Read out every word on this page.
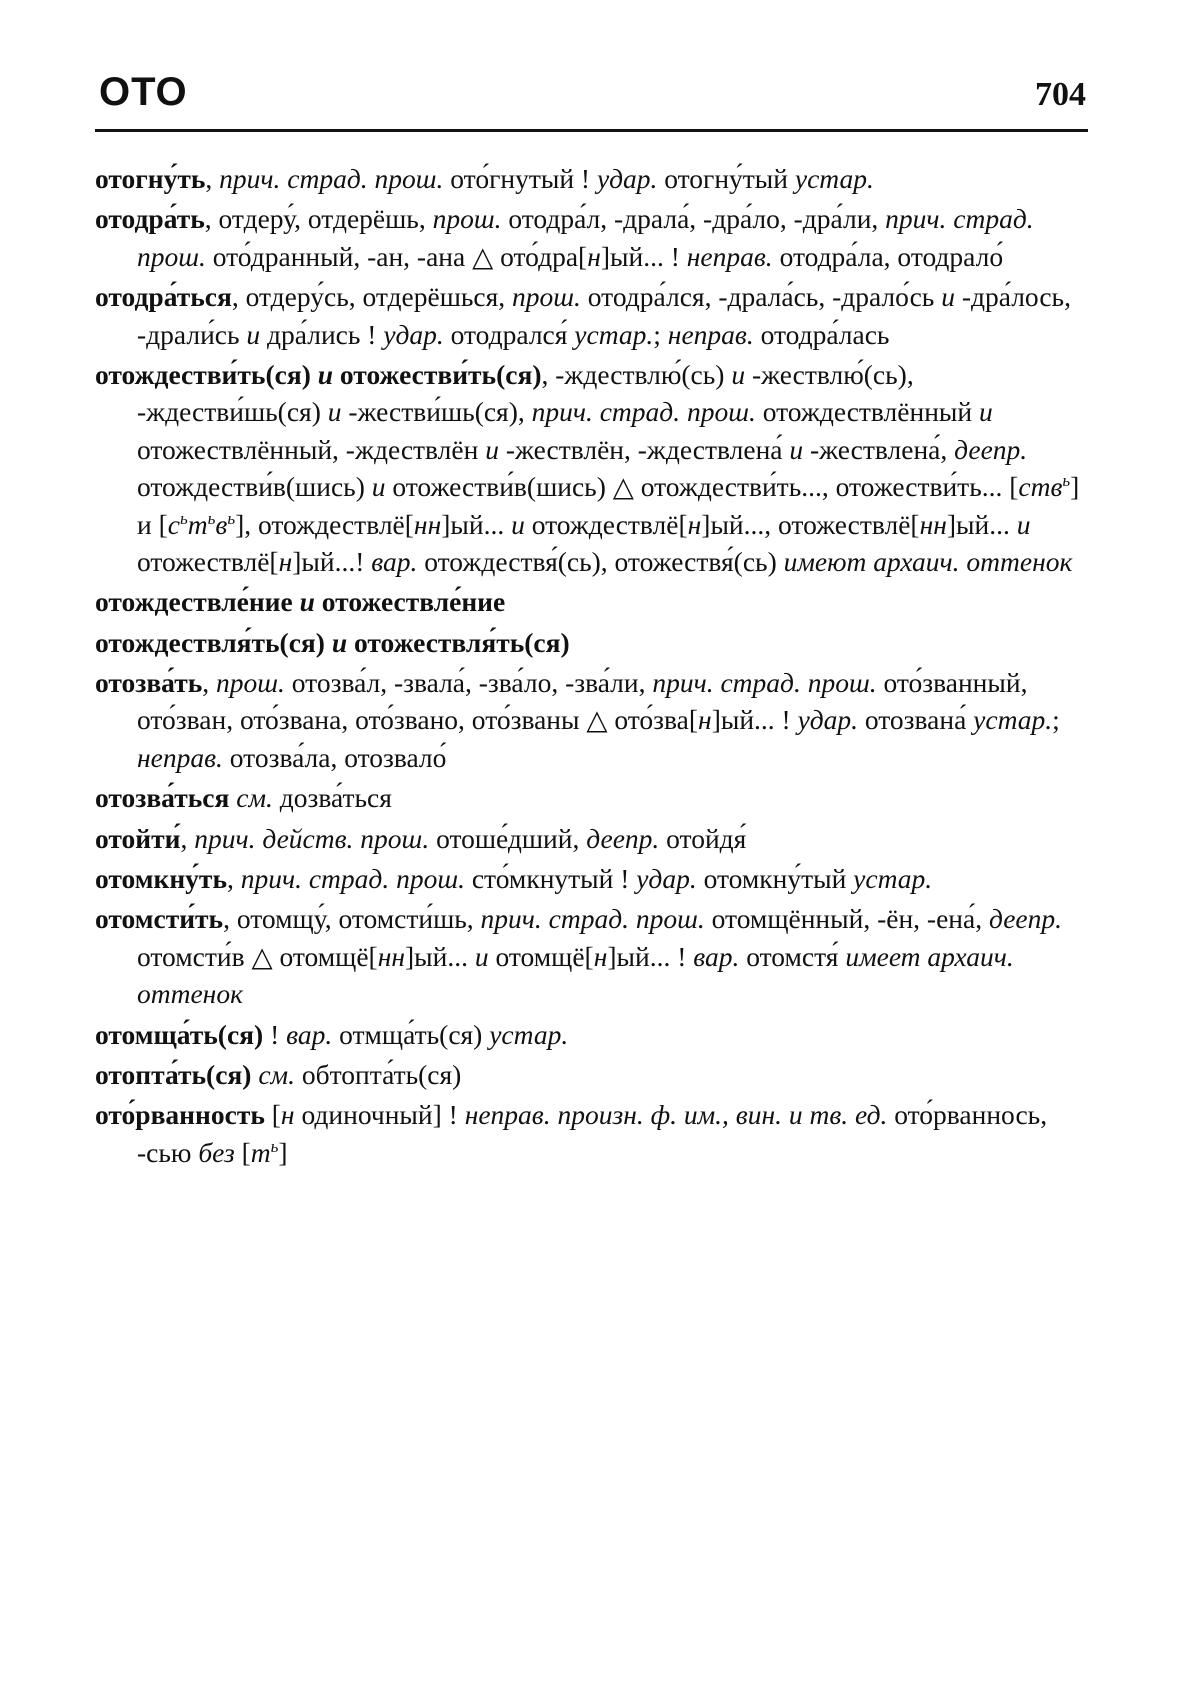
ОТО	704

отогну́ть, прич. страд. прош. ото́гнутый ! удар. отогну́тый устар.

отодра́ть, отдеру́, отдерёшь, прош. отодра́л, -драла́, -дра́ло, -дра́ли, прич. страд. прош. ото́дранный, -ан, -ана △ ото́дра[н]ый... ! неправ. отодра́ла, отодрало́

отодра́ться, отдеру́сь, отдерёшься, прош. отодра́лся, -драла́сь, -драло́сь и -дра́лось, -драли́сь и дра́лись ! удар. отодрался́ устар.; неправ. отодра́лась

отождестви́ть(ся) и отожестви́ть(ся), -ждествлю́(сь) и -жествлю́(сь), -ждестви́шь(ся) и -жестви́шь(ся), прич. страд. прош. отождествлённый и отожествлённый, -ждествлён и -жествлён, -ждествлена́ и -жествлена́, деепр. отождестви́в(шись) и отожестви́в(шись) △ отождестви́ть..., отожестви́ть... [ств$^ь$] и $[с^ьт^ьв^ь]$, отождествлё[нн]ый... и отождествлё[н]ый..., отожествлё[нн]ый... и отожествлё[н]ый...! вар. отождествя́(сь), отожествя́(сь) имеют архаич. оттенок

отождествле́ние и отожествле́ние

отождествля́ть(ся) и отожествля́ть(ся)

отозва́ть, прош. отозва́л, -звала́, -зва́ло, -зва́ли, прич. страд. прош. ото́званный, ото́зван, ото́звана, ото́звано, ото́званы △ ото́зва[н]ый... ! удар. отозвана́ устар.; неправ. отозва́ла, отозвало́

отозва́ться см. дозва́ться

отойти́, прич. действ. прош. отоше́дший, деепр. отойдя́

отомкну́ть, прич. страд. прош. сто́мкнутый ! удар. отомкну́тый устар.

отомсти́ть, отомщу́, отомсти́шь, прич. страд. прош. отомщённый, -ён, -ена́, деепр. отомсти́в △ отомщё[нн]ый... и отомщё[н]ый... ! вар. отомстя́ имеет архаич. оттенок

отомща́ть(ся) ! вар. отмща́ть(ся) устар.

отопта́ть(ся) см. обтопта́ть(ся)

ото́рванность [н одиночный] ! неправ. произн. ф. им., вин. и тв. ед. ото́рваннось, -сью без $[т^ь]$
